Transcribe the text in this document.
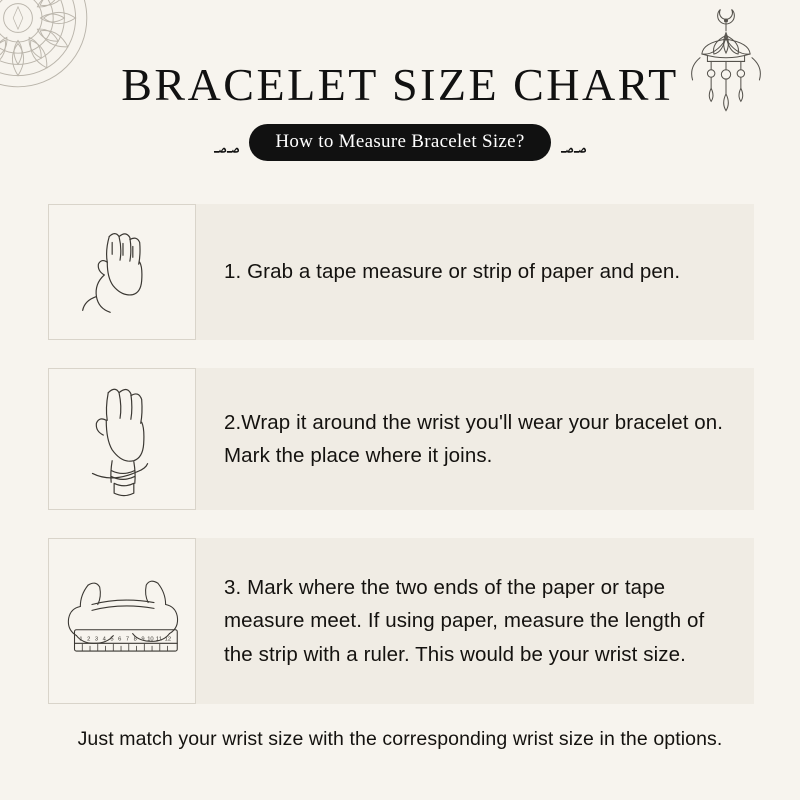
BRACELET SIZE CHART
؃؃	How to Measure Bracelet Size?	؃؃
1. Grab a tape measure or strip of paper and pen.
2.Wrap it around the wrist you'll wear your bracelet on. Mark the place where it joins.
1 2 3 4 5 6 7 8 9 10 11 12
3. Mark where the two ends of the paper or tape measure meet. If using paper, measure the length of the strip with a ruler. This would be your wrist size.
Just match your wrist size with the corresponding wrist size in the options.
